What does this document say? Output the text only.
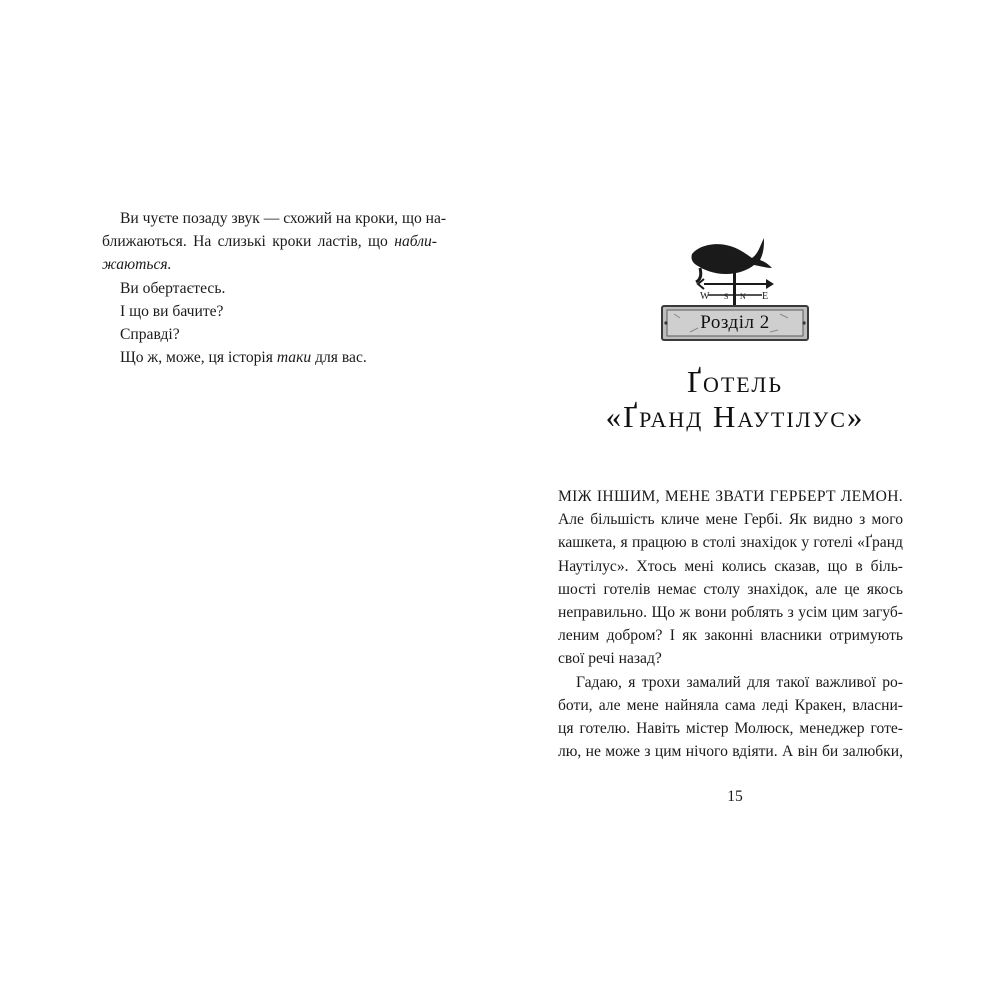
Ви чуєте позаду звук — схожий на кроки, що на-
ближаються. На слизькі кроки ластів, що набли-
жаються.
Ви обертаєтесь.
І що ви бачите?
Справді?
Що ж, може, ця історія таки для вас.
W S N E
Розділ 2
Ґотель
«Ґранд Наутілус»
МІЖ ІНШИМ, МЕНЕ ЗВАТИ ГЕРБЕРТ ЛЕМОН.
Але більшість кличе мене Гербі. Як видно з мого
кашкета, я працюю в столі знахідок у готелі «Ґранд
Наутілус». Хтось мені колись сказав, що в біль-
шості готелів немає столу знахідок, але це якось
неправильно. Що ж вони роблять з усім цим загуб-
леним добром? І як законні власники отримують
свої речі назад?
Гадаю, я трохи замалий для такої важливої ро-
боти, але мене найняла сама леді Кракен, власни-
ця готелю. Навіть містер Молюск, менеджер готе-
лю, не може з цим нічого вдіяти. А він би залюбки,
15
